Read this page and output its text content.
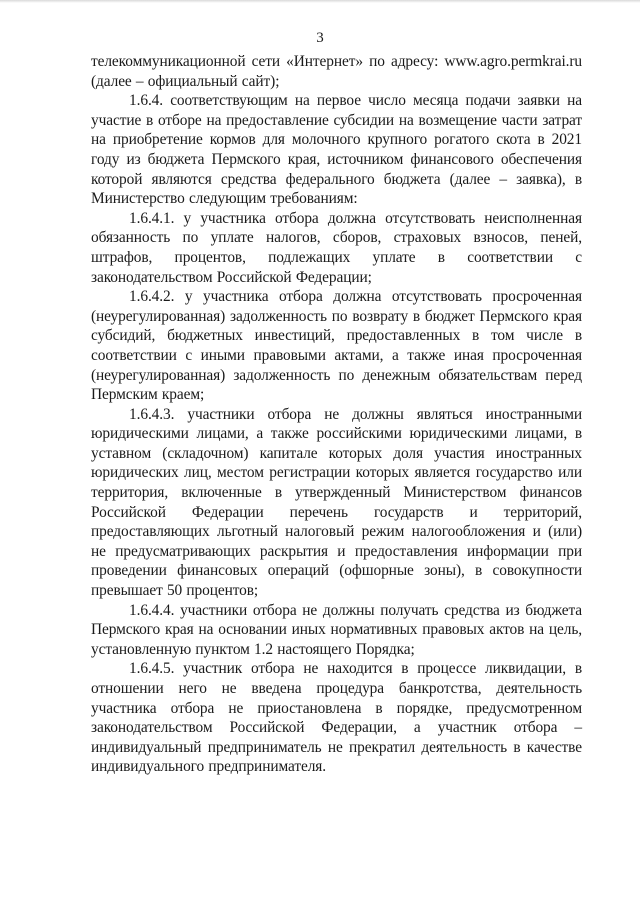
3

телекоммуникационной сети «Интернет» по адресу: www.agro.permkrai.ru (далее – официальный сайт);

1.6.4. соответствующим на первое число месяца подачи заявки на участие в отборе на предоставление субсидии на возмещение части затрат на приобретение кормов для молочного крупного рогатого скота в 2021 году из бюджета Пермского края, источником финансового обеспечения которой являются средства федерального бюджета (далее – заявка), в Министерство следующим требованиям:

1.6.4.1. у участника отбора должна отсутствовать неисполненная обязанность по уплате налогов, сборов, страховых взносов, пеней, штрафов, процентов, подлежащих уплате в соответствии с законодательством Российской Федерации;

1.6.4.2. у участника отбора должна отсутствовать просроченная (неурегулированная) задолженность по возврату в бюджет Пермского края субсидий, бюджетных инвестиций, предоставленных в том числе в соответствии с иными правовыми актами, а также иная просроченная (неурегулированная) задолженность по денежным обязательствам перед Пермским краем;

1.6.4.3. участники отбора не должны являться иностранными юридическими лицами, а также российскими юридическими лицами, в уставном (складочном) капитале которых доля участия иностранных юридических лиц, местом регистрации которых является государство или территория, включенные в утвержденный Министерством финансов Российской Федерации перечень государств и территорий, предоставляющих льготный налоговый режим налогообложения и (или) не предусматривающих раскрытия и предоставления информации при проведении финансовых операций (офшорные зоны), в совокупности превышает 50 процентов;

1.6.4.4. участники отбора не должны получать средства из бюджета Пермского края на основании иных нормативных правовых актов на цель, установленную пунктом 1.2 настоящего Порядка;

1.6.4.5. участник отбора не находится в процессе ликвидации, в отношении него не введена процедура банкротства, деятельность участника отбора не приостановлена в порядке, предусмотренном законодательством Российской Федерации, а участник отбора – индивидуальный предприниматель не прекратил деятельность в качестве индивидуального предпринимателя.
